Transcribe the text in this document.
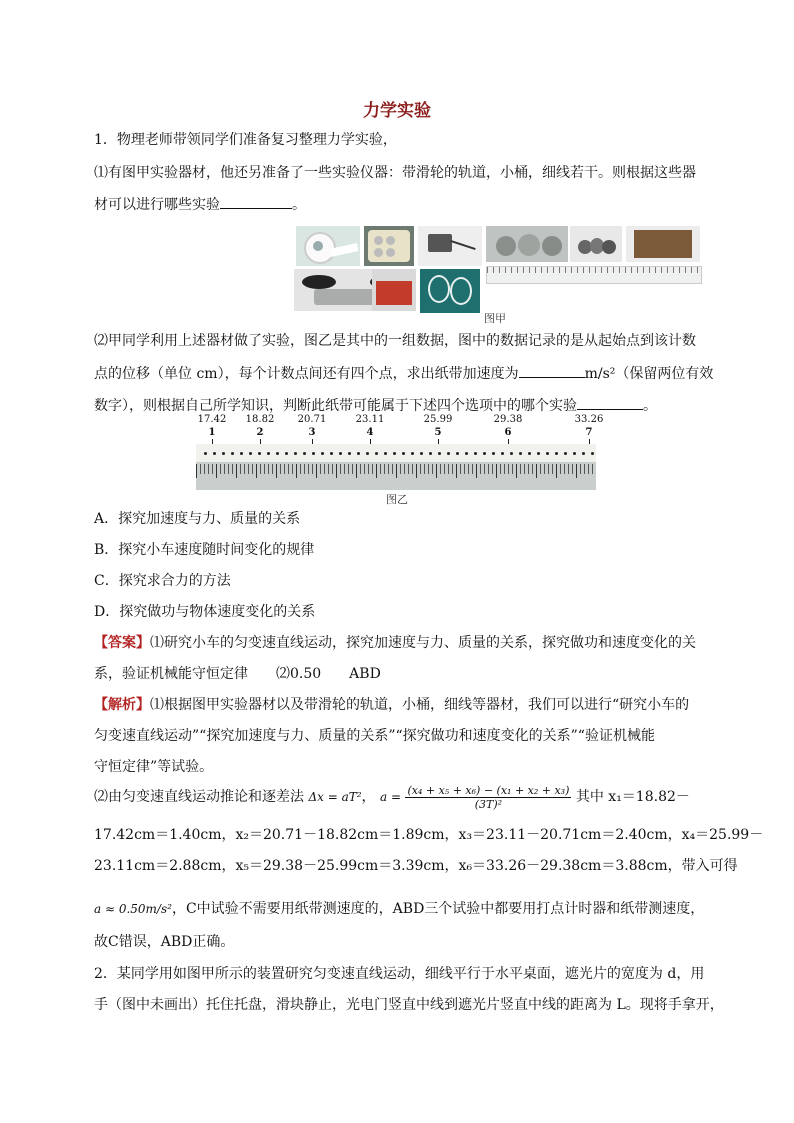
力学实验
1．物理老师带领同学们准备复习整理力学实验，
⑴有图甲实验器材，他还另准备了一些实验仪器：带滑轮的轨道，小桶，细线若干。则根据这些器
材可以进行哪些实验	。
图甲
⑵甲同学利用上述器材做了实验，图乙是其中的一组数据，图中的数据记录的是从起始点到该计数
点的位移（单位 cm），每个计数点间还有四个点，求出纸带加速度为	m/s²（保留两位有效
数字），则根据自己所学知识，判断此纸带可能属于下述四个选项中的哪个实验	。
17.42
1
18.82
2
20.71
3
23.11
4
25.99
5
29.38
6
33.26
7
图乙
A．探究加速度与力、质量的关系
B．探究小车速度随时间变化的规律
C．探究求合力的方法
D．探究做功与物体速度变化的关系
【答案】⑴研究小车的匀变速直线运动，探究加速度与力、质量的关系，探究做功和速度变化的关
系，验证机械能守恒定律　　⑵0.50　　ABD
【解析】⑴根据图甲实验器材以及带滑轮的轨道，小桶，细线等器材，我们可以进行“研究小车的
匀变速直线运动”“探究加速度与力、质量的关系”“探究做功和速度变化的关系”“验证机械能
守恒定律”等试验。
⑵由匀变速直线运动推论和逐差法 Δx = aT²， $a = \frac{\text{(x₄ + x₅ + x₆) − (x₁ + x₂ + x₃)}}{\text{(3T)²}}$ 其中 x₁＝18.82－
17.42cm＝1.40cm，x₂＝20.71－18.82cm＝1.89cm，x₃＝23.11－20.71cm＝2.40cm，x₄＝25.99－
23.11cm＝2.88cm，x₅＝29.38－25.99cm＝3.39cm，x₆＝33.26－29.38cm＝3.88cm，带入可得
a ≈ 0.50m/s²，C中试验不需要用纸带测速度的，ABD三个试验中都要用打点计时器和纸带测速度，
故C错误，ABD正确。
2．某同学用如图甲所示的装置研究匀变速直线运动，细线平行于水平桌面，遮光片的宽度为 d，用
手（图中未画出）托住托盘，滑块静止，光电门竖直中线到遮光片竖直中线的距离为 L。现将手拿开，
